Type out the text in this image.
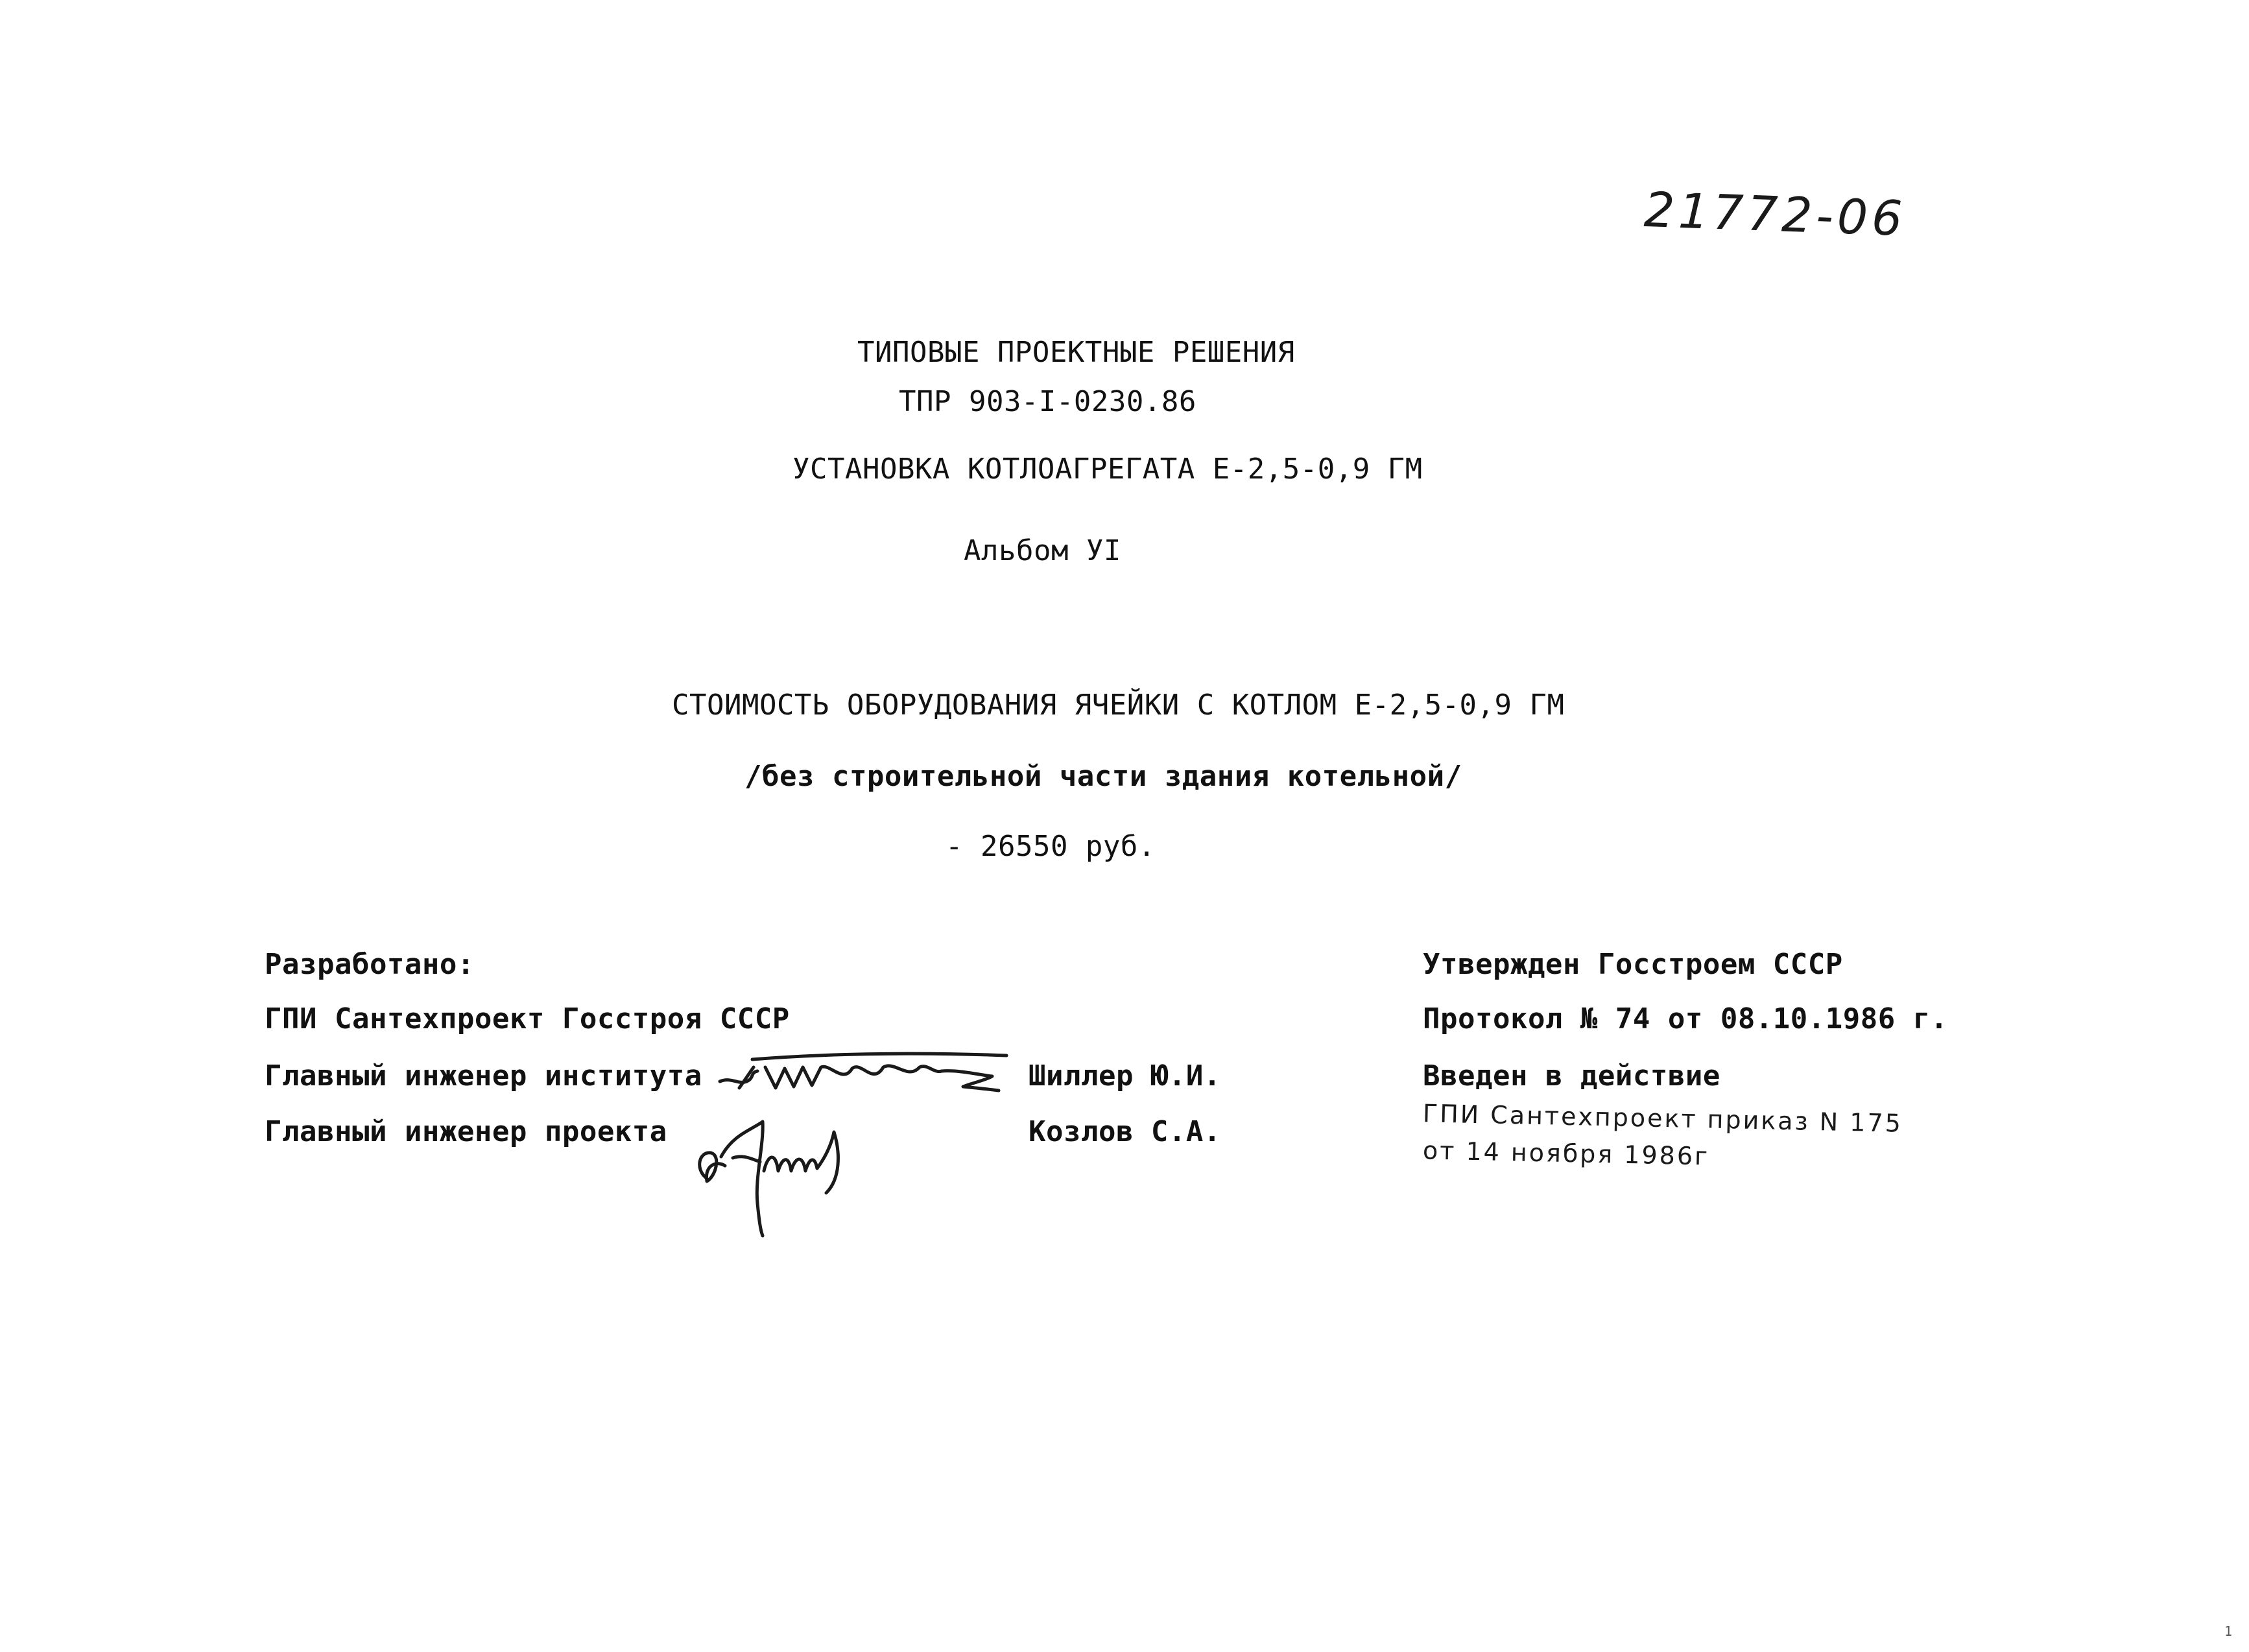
21772-06
ТИПОВЫЕ ПРОЕКТНЫЕ РЕШЕНИЯ
ТПР 903-I-0230.86
УСТАНОВКА КОТЛОАГРЕГАТА Е-2,5-0,9 ГМ
Альбом УI
СТОИМОСТЬ ОБОРУДОВАНИЯ ЯЧЕЙКИ С КОТЛОМ Е-2,5-0,9 ГМ
/без строительной части здания котельной/
- 26550 руб.
Разработано:
ГПИ Сантехпроект Госстроя СССР
Главный инженер института	Шиллер Ю.И.
Главный инженер проекта	Козлов С.А.
Утвержден Госстроем СССР
Протокол № 74 от 08.10.1986 г.
Введен в действие
ГПИ Сантехпроект приказ N 175
от 14 ноября 1986г
1
